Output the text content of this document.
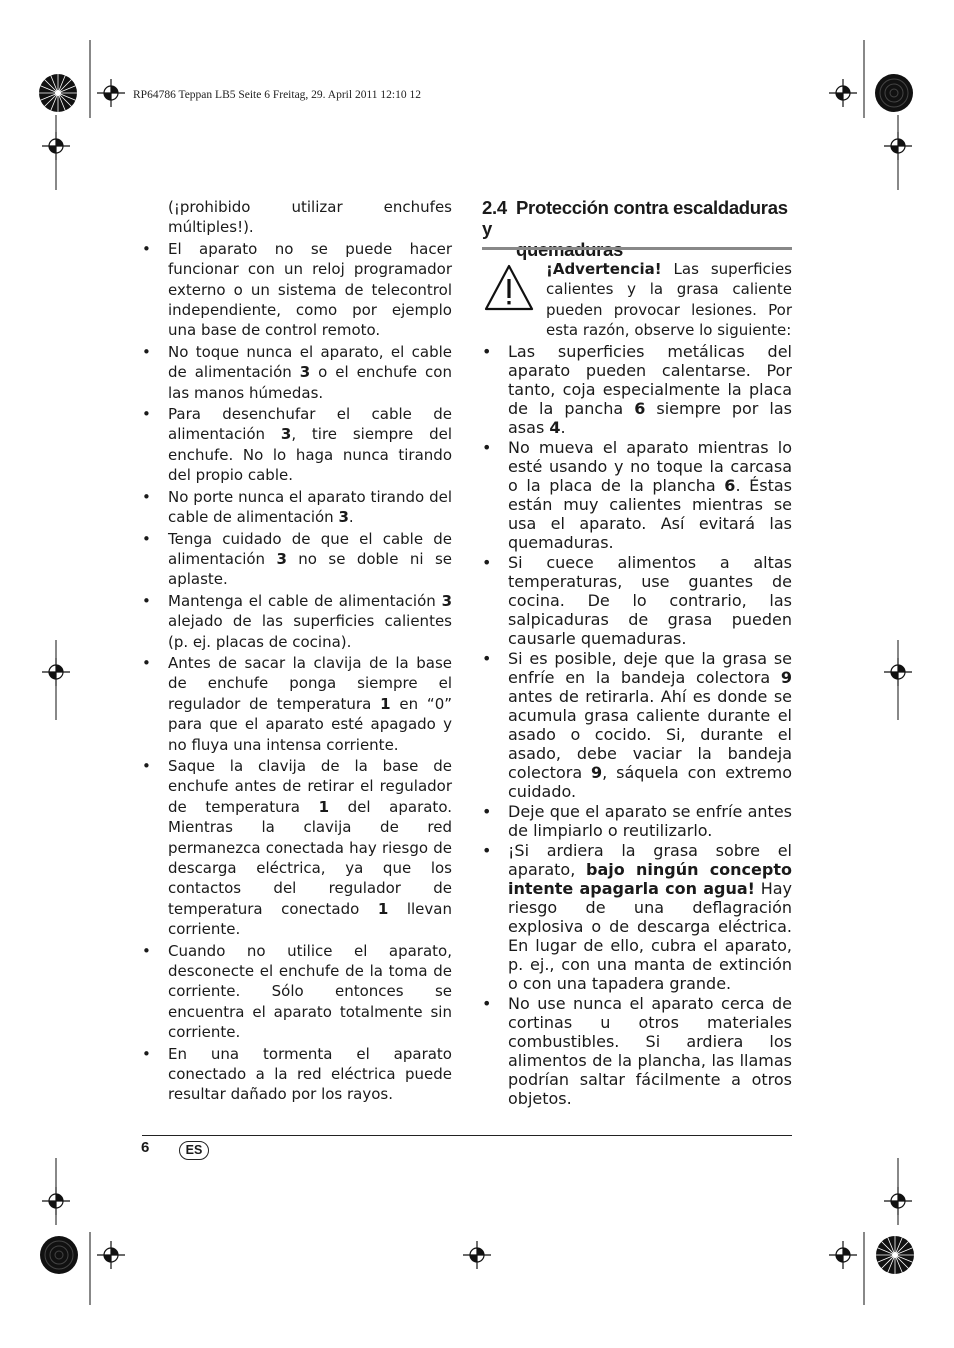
RP64786 Teppan LB5 Seite 6 Freitag, 29. April 2011 12:10 12
(¡prohibido utilizar enchufes múltiples!).
• El aparato no se puede hacer funcionar con un reloj programador externo o un sistema de telecontrol independiente, como por ejemplo una base de control remoto.
• No toque nunca el aparato, el cable de alimentación 3 o el enchufe con las manos húmedas.
• Para desenchufar el cable de alimentación 3, tire siempre del enchufe. No lo haga nunca tirando del propio cable.
• No porte nunca el aparato tirando del cable de alimentación 3.
• Tenga cuidado de que el cable de alimentación 3 no se doble ni se aplaste.
• Mantenga el cable de alimentación 3 alejado de las superficies calientes (p. ej. placas de cocina).
• Antes de sacar la clavija de la base de enchufe ponga siempre el regulador de temperatura 1 en “0” para que el aparato esté apagado y no fluya una intensa corriente.
• Saque la clavija de la base de enchufe antes de retirar el regulador de temperatura 1 del aparato. Mientras la clavija de red permanezca conectada hay riesgo de descarga eléctrica, ya que los contactos del regulador de temperatura conectado 1 llevan corriente.
• Cuando no utilice el aparato, desconecte el enchufe de la toma de corriente. Sólo entonces se encuentra el aparato totalmente sin corriente.
• En una tormenta el aparato conectado a la red eléctrica puede resultar dañado por los rayos.
2.4 Protección contra escaldaduras y

¡Advertencia! Las superficies calientes y la grasa caliente pueden provocar lesiones. Por esta razón, observe lo siguiente:
• Las superficies metálicas del aparato pueden calentarse. Por tanto, coja especialmente la placa de la pancha 6 siempre por las asas 4.
• No mueva el aparato mientras lo esté usando y no toque la carcasa o la placa de la plancha 6. Éstas están muy calientes mientras se usa el aparato. Así evitará las quemaduras.
• Si cuece alimentos a altas temperaturas, use guantes de cocina. De lo contrario, las salpicaduras de grasa pueden causarle quemaduras.
• Si es posible, deje que la grasa se enfríe en la bandeja colectora 9 antes de retirarla. Ahí es donde se acumula grasa caliente durante el asado o cocido. Si, durante el asado, debe vaciar la bandeja colectora 9, sáquela con extremo cuidado.
• Deje que el aparato se enfríe antes de limpiarlo o reutilizarlo.
• ¡Si ardiera la grasa sobre el aparato, bajo ningún concepto intente apagarla con agua! Hay riesgo de una deflagración explosiva o de descarga eléctrica. En lugar de ello, cubra el aparato, p. ej., con una manta de extinción o con una tapadera grande.
• No use nunca el aparato cerca de cortinas u otros materiales combustibles. Si ardiera los alimentos de la plancha, las llamas podrían saltar fácilmente a otros objetos.
6	ES
